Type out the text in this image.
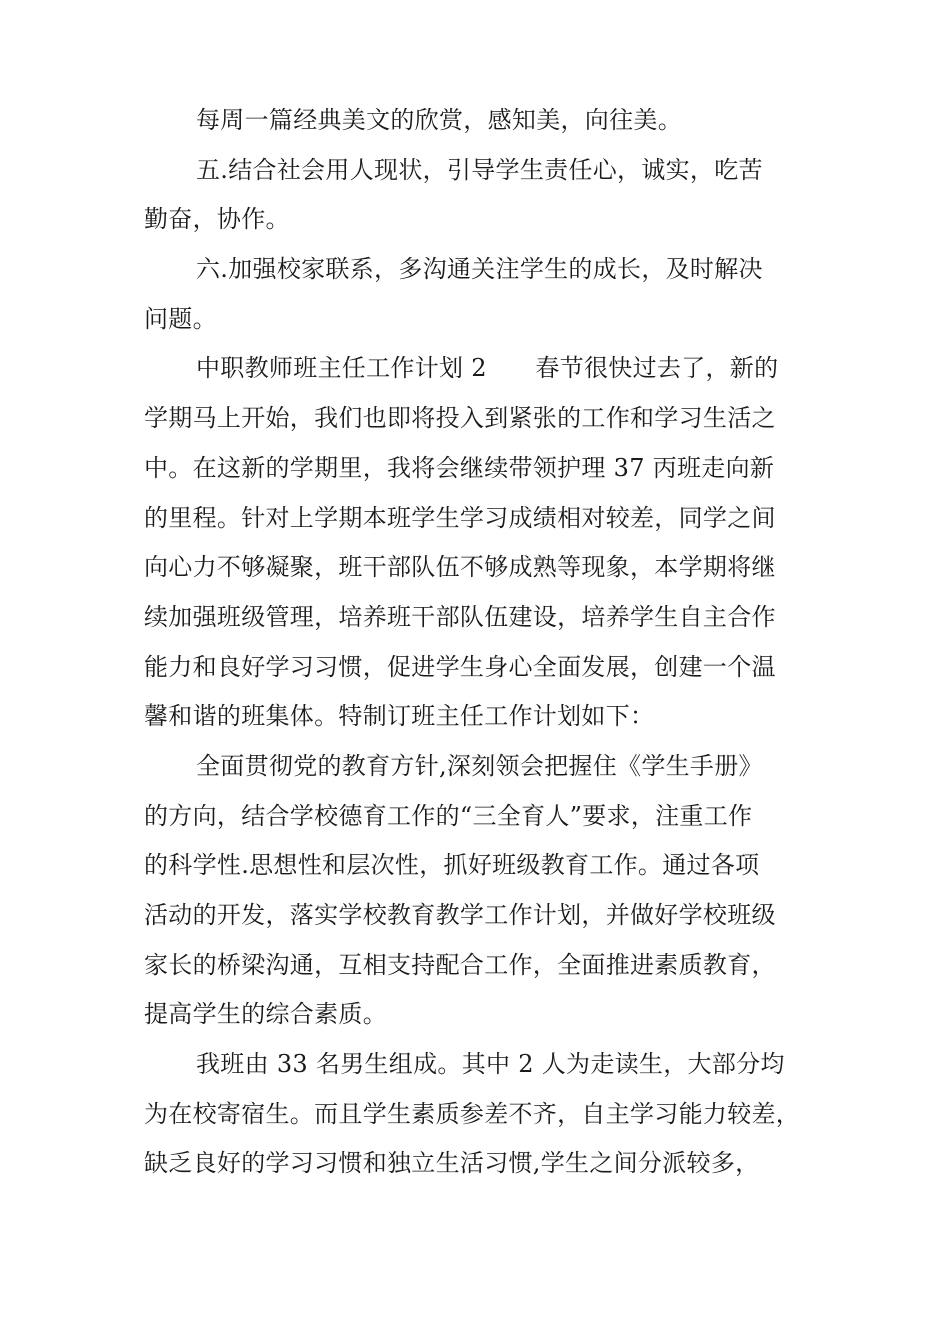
每周一篇经典美文的欣赏，感知美，向往美。
五.结合社会用人现状，引导学生责任心，诚实，吃苦
勤奋，协作。
六.加强校家联系，多沟通关注学生的成长，及时解决
问题。
中职教师班主任工作计划 2　　春节很快过去了，新的
学期马上开始，我们也即将投入到紧张的工作和学习生活之
中。在这新的学期里，我将会继续带领护理 37 丙班走向新
的里程。针对上学期本班学生学习成绩相对较差，同学之间
向心力不够凝聚，班干部队伍不够成熟等现象，本学期将继
续加强班级管理，培养班干部队伍建设，培养学生自主合作
能力和良好学习习惯，促进学生身心全面发展，创建一个温
馨和谐的班集体。特制订班主任工作计划如下：
全面贯彻党的教育方针,深刻领会把握住《学生手册》
的方向，结合学校德育工作的“三全育人”要求，注重工作
的科学性.思想性和层次性，抓好班级教育工作。通过各项
活动的开发，落实学校教育教学工作计划，并做好学校班级
家长的桥梁沟通，互相支持配合工作，全面推进素质教育，
提高学生的综合素质。
我班由 33 名男生组成。其中 2 人为走读生，大部分均
为在校寄宿生。而且学生素质参差不齐，自主学习能力较差，
缺乏良好的学习习惯和独立生活习惯,学生之间分派较多，
